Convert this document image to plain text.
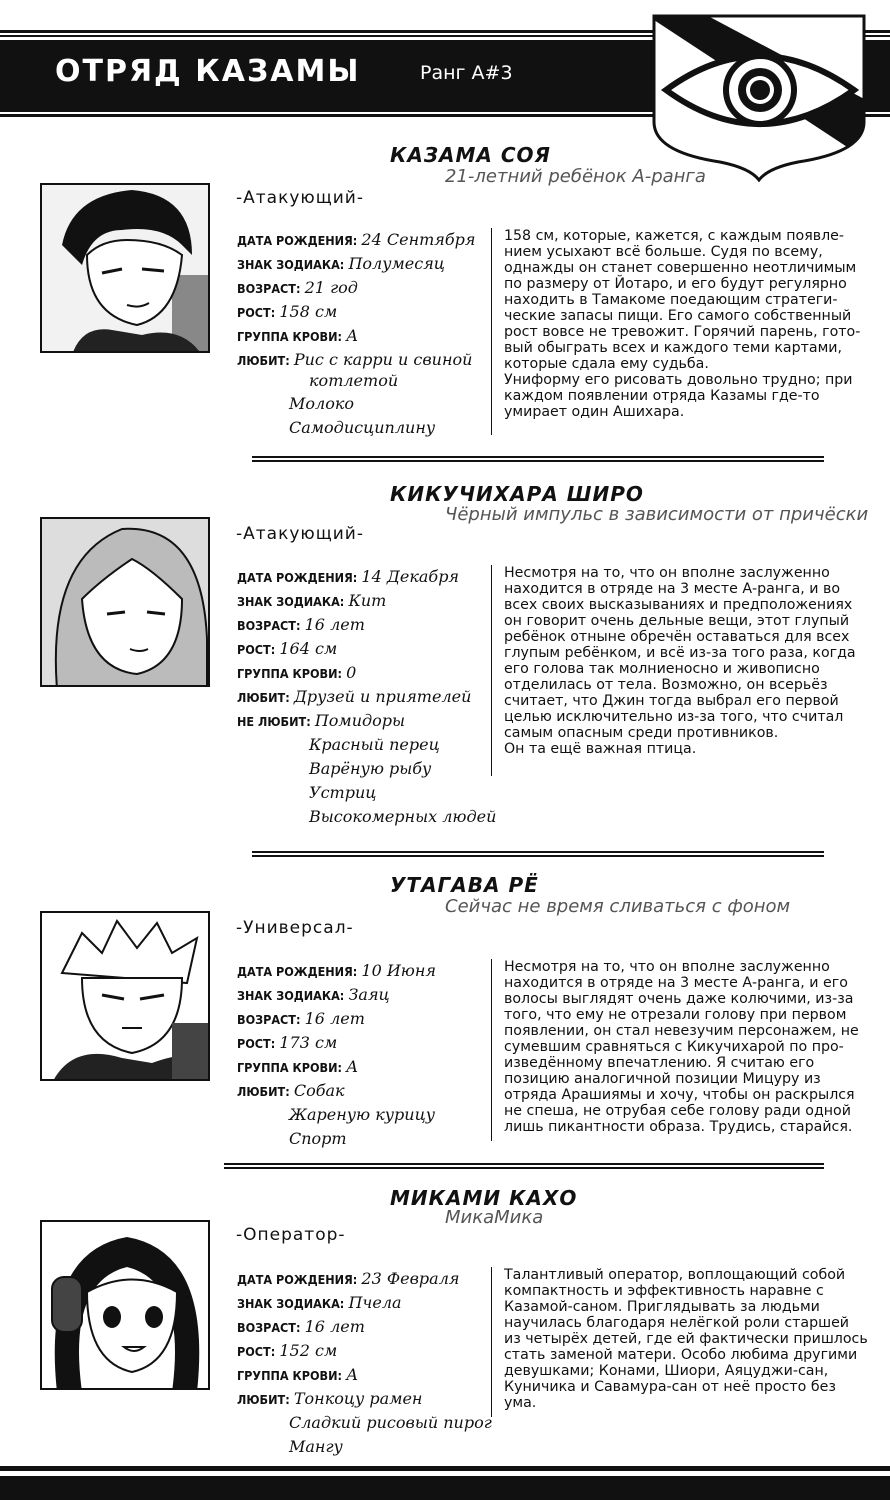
ОТРЯД КАЗАМЫ	Ранг А#3
КАЗАМА СОЯ
21-летний ребёнок А-ранга
-Атакующий-
ДАТА РОЖДЕНИЯ: 24 Сентября
ЗНАК ЗОДИАКА: Полумесяц
ВОЗРАСТ: 21 год
РОСТ: 158 см
ГРУППА КРОВИ: А
ЛЮБИТ: Рис с карри и свиной
котлетой
Молоко
Самодисциплину
158 см, которые, кажется, с каждым появле-
нием усыхают всё больше. Судя по всему,
однажды он станет совершенно неотличимым
по размеру от Йотаро, и его будут регулярно
находить в Тамакоме поедающим стратеги-
ческие запасы пищи. Его самого собственный
рост вовсе не тревожит. Горячий парень, гото-
вый обыграть всех и каждого теми картами,
которые сдала ему судьба.
Униформу его рисовать довольно трудно; при
каждом появлении отряда Казамы где-то
умирает один Ашихара.
КИКУЧИХАРА ШИРО
Чёрный импульс в зависимости от причёски
-Атакующий-
ДАТА РОЖДЕНИЯ: 14 Декабря
ЗНАК ЗОДИАКА: Кит
ВОЗРАСТ: 16 лет
РОСТ: 164 см
ГРУППА КРОВИ: 0
ЛЮБИТ: Друзей и приятелей
НЕ ЛЮБИТ: Помидоры
Красный перец
Варёную рыбу
Устриц
Высокомерных людей
Несмотря на то, что он вполне заслуженно
находится в отряде на 3 месте А-ранга, и во
всех своих высказываниях и предположениях
он говорит очень дельные вещи, этот глупый
ребёнок отныне обречён оставаться для всех
глупым ребёнком, и всё из-за того раза, когда
его голова так молниеносно и живописно
отделилась от тела. Возможно, он всерьёз
считает, что Джин тогда выбрал его первой
целью исключительно из-за того, что считал
самым опасным среди противников.
Он та ещё важная птица.
УТАГАВА РЁ
Сейчас не время сливаться с фоном
-Универсал-
ДАТА РОЖДЕНИЯ: 10 Июня
ЗНАК ЗОДИАКА: Заяц
ВОЗРАСТ: 16 лет
РОСТ: 173 см
ГРУППА КРОВИ: А
ЛЮБИТ: Собак
Жареную курицу
Спорт
Несмотря на то, что он вполне заслуженно
находится в отряде на 3 месте А-ранга, и его
волосы выглядят очень даже колючими, из-за
того, что ему не отрезали голову при первом
появлении, он стал невезучим персонажем, не
сумевшим сравняться с Кикучихарой по про-
изведённому впечатлению. Я считаю его
позицию аналогичной позиции Мицуру из
отряда Арашиямы и хочу, чтобы он раскрылся
не спеша, не отрубая себе голову ради одной
лишь пикантности образа. Трудись, старайся.
МИКАМИ КАХО
МикаМика
-Оператор-
ДАТА РОЖДЕНИЯ: 23 Февраля
ЗНАК ЗОДИАКА: Пчела
ВОЗРАСТ: 16 лет
РОСТ: 152 см
ГРУППА КРОВИ: А
ЛЮБИТ: Тонкоцу рамен
Сладкий рисовый пирог
Мангу
Талантливый оператор, воплощающий собой
компактность и эффективность наравне с
Казамой-саном. Приглядывать за людьми
научилась благодаря нелёгкой роли старшей
из четырёх детей, где ей фактически пришлось
стать заменой матери. Особо любима другими
девушками; Конами, Шиори, Аяцуджи-сан,
Куничика и Савамура-сан от неё просто без
ума.
